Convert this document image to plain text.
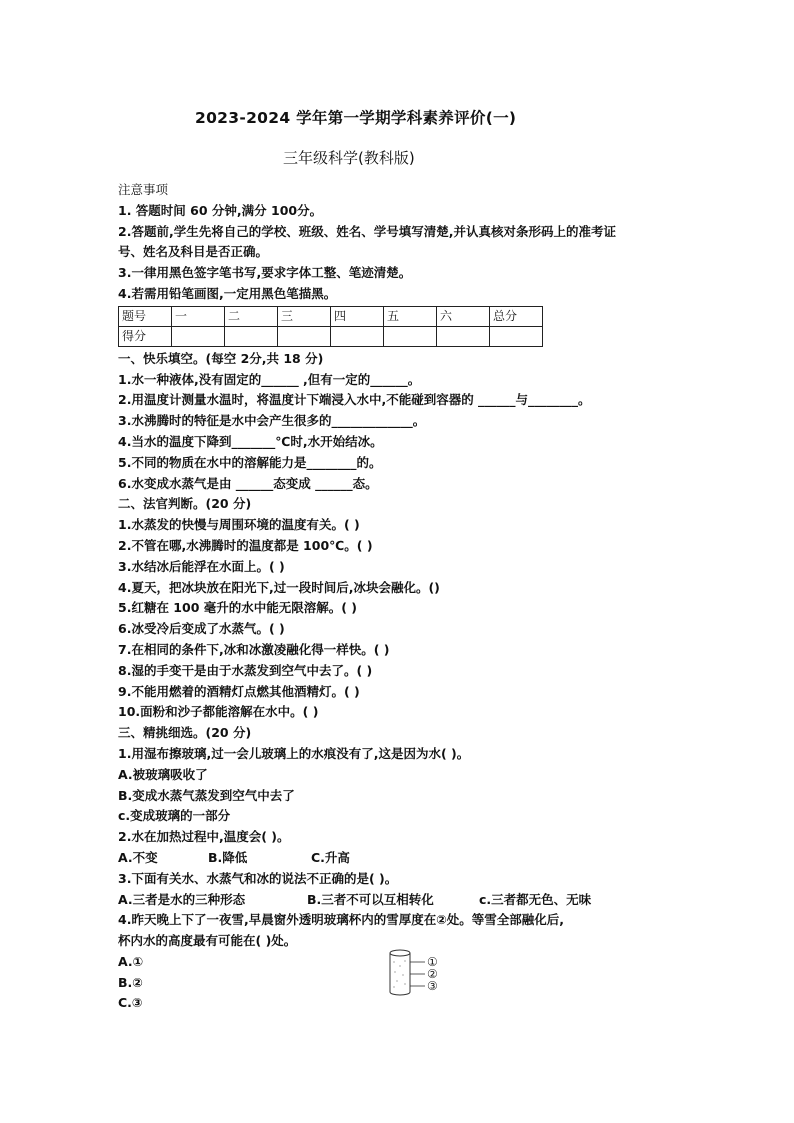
2023-2024 学年第一学期学科素养评价(一)
三年级科学(教科版)
注意事项
1. 答题时间 60 分钟,满分 100分。
2.答题前,学生先将自己的学校、班级、姓名、学号填写清楚,并认真核对条形码上的准考证
号、姓名及科目是否正确。
3.一律用黑色签字笔书写,要求字体工整、笔迹清楚。
4.若需用铅笔画图,一定用黑色笔描黑。
题号	一	二	三	四	五	六	总分
得分							
一、快乐填空。(每空 2分,共 18 分)
1.水一种液体,没有固定的______ ,但有一定的______。
2.用温度计测量水温时，将温度计下端浸入水中,不能碰到容器的 ______与________。
3.水沸腾时的特征是水中会产生很多的_____________。
4.当水的温度下降到_______℃时,水开始结冰。
5.不同的物质在水中的溶解能力是________的。
6.水变成水蒸气是由 ______态变成 ______态。
二、法官判断。(20 分)
1.水蒸发的快慢与周围环境的温度有关。( )
2.不管在哪,水沸腾时的温度都是 100℃。( )
3.水结冰后能浮在水面上。( )
4.夏天，把冰块放在阳光下,过一段时间后,冰块会融化。()
5.红糖在 100 毫升的水中能无限溶解。( )
6.冰受冷后变成了水蒸气。( )
7.在相同的条件下,冰和冰激凌融化得一样快。( )
8.湿的手变干是由于水蒸发到空气中去了。( )
9.不能用燃着的酒精灯点燃其他酒精灯。( )
10.面粉和沙子都能溶解在水中。( )
三、精挑细选。(20 分)
1.用湿布擦玻璃,过一会儿玻璃上的水痕没有了,这是因为水( )。
A.被玻璃吸收了
B.变成水蒸气蒸发到空气中去了
c.变成玻璃的一部分
2.水在加热过程中,温度会( )。
A.不变	B.降低	C.升高
3.下面有关水、水蒸气和冰的说法不正确的是( )。
A.三者是水的三种形态	B.三者不可以互相转化	c.三者都无色、无味
4.昨天晚上下了一夜雪,早晨窗外透明玻璃杯内的雪厚度在②处。等雪全部融化后,
杯内水的高度最有可能在( )处。
A.①
B.②
C.③
①
②
③
